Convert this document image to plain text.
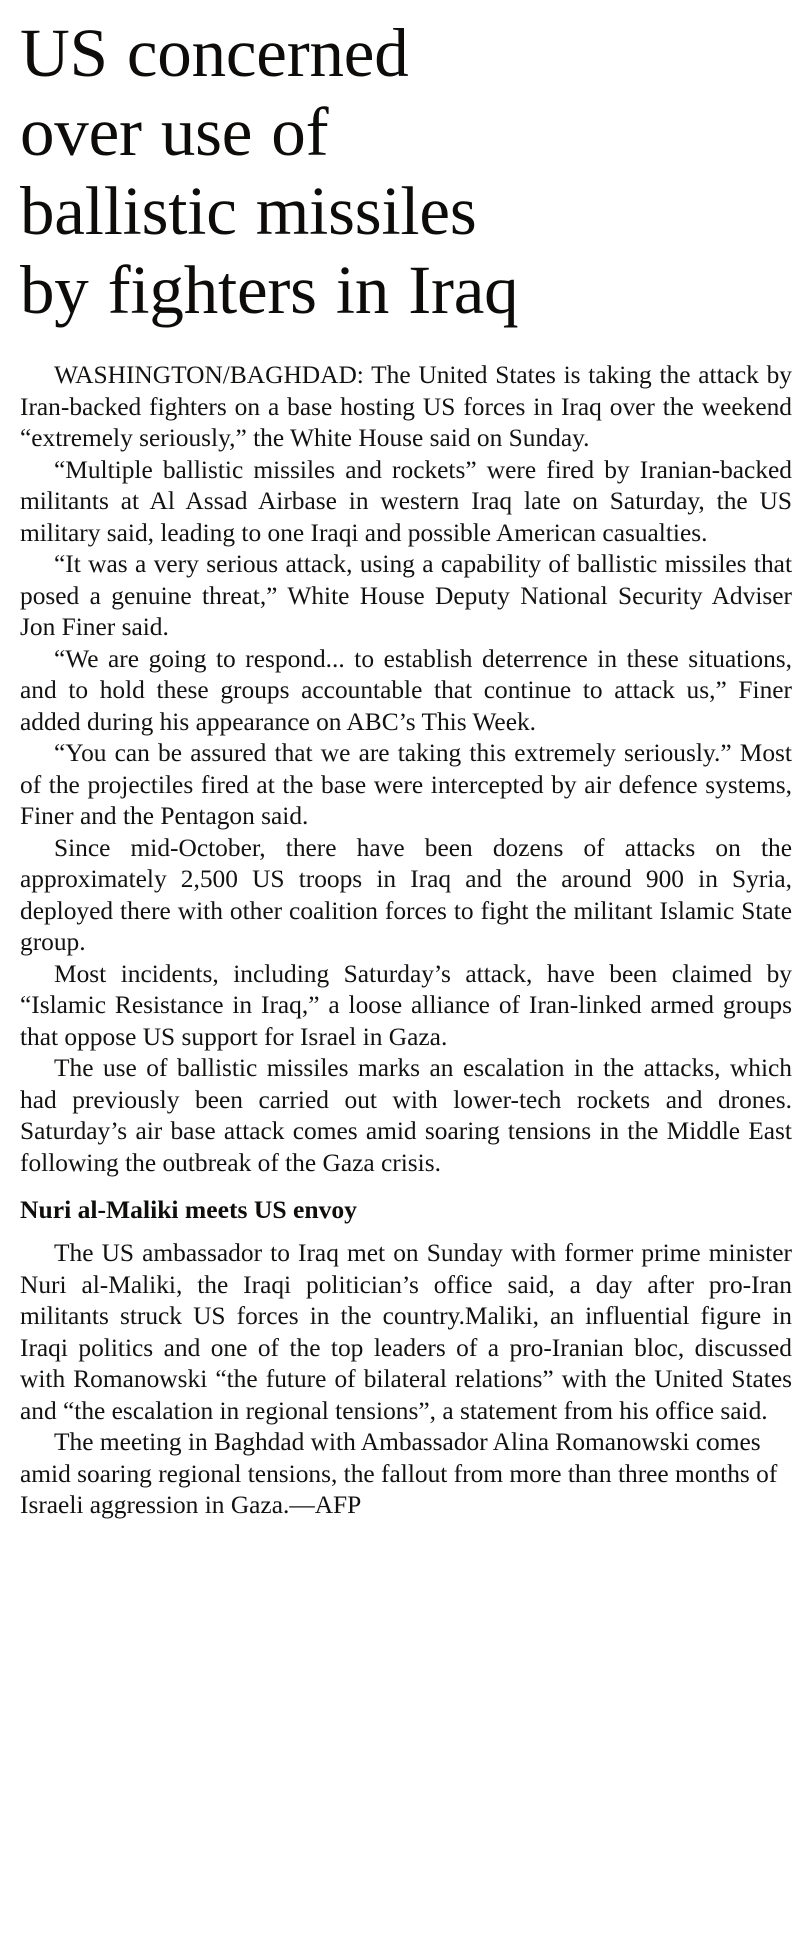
US concerned
over use of
ballistic missiles
by fighters in Iraq

WASHINGTON/BAGHDAD: The United States is taking the attack by Iran-backed fighters on a base hosting US forces in Iraq over the weekend “extremely seriously,” the White House said on Sunday.

“Multiple ballistic missiles and rockets” were fired by Iranian-backed militants at Al Assad Airbase in western Iraq late on Saturday, the US military said, leading to one Iraqi and possible American casualties.

“It was a very serious attack, using a capability of ballistic missiles that posed a genuine threat,” White House Deputy National Security Adviser Jon Finer said.

“We are going to respond... to establish deterrence in these situations, and to hold these groups accountable that continue to attack us,” Finer added during his appearance on ABC’s This Week.

“You can be assured that we are taking this extremely seriously.” Most of the projectiles fired at the base were intercepted by air defence systems, Finer and the Pentagon said.

Since mid-October, there have been dozens of attacks on the approximately 2,500 US troops in Iraq and the around 900 in Syria, deployed there with other coalition forces to fight the militant Islamic State group.

Most incidents, including Saturday’s attack, have been claimed by “Islamic Resistance in Iraq,” a loose alliance of Iran-linked armed groups that oppose US support for Israel in Gaza.

The use of ballistic missiles marks an escalation in the attacks, which had previously been carried out with lower-tech rockets and drones. Saturday’s air base attack comes amid soaring tensions in the Middle East following the outbreak of the Gaza crisis.

Nuri al-Maliki meets US envoy

The US ambassador to Iraq met on Sunday with former prime minister Nuri al-Maliki, the Iraqi politician’s office said, a day after pro-Iran militants struck US forces in the country.Maliki, an influential figure in Iraqi politics and one of the top leaders of a pro-Iranian bloc, discussed with Romanowski “the future of bilateral relations” with the United States and “the escalation in regional tensions”, a statement from his office said.

The meeting in Baghdad with Ambassador Alina Romanowski comes amid soaring regional tensions, the fallout from more than three months of Israeli aggression in Gaza.—AFP
